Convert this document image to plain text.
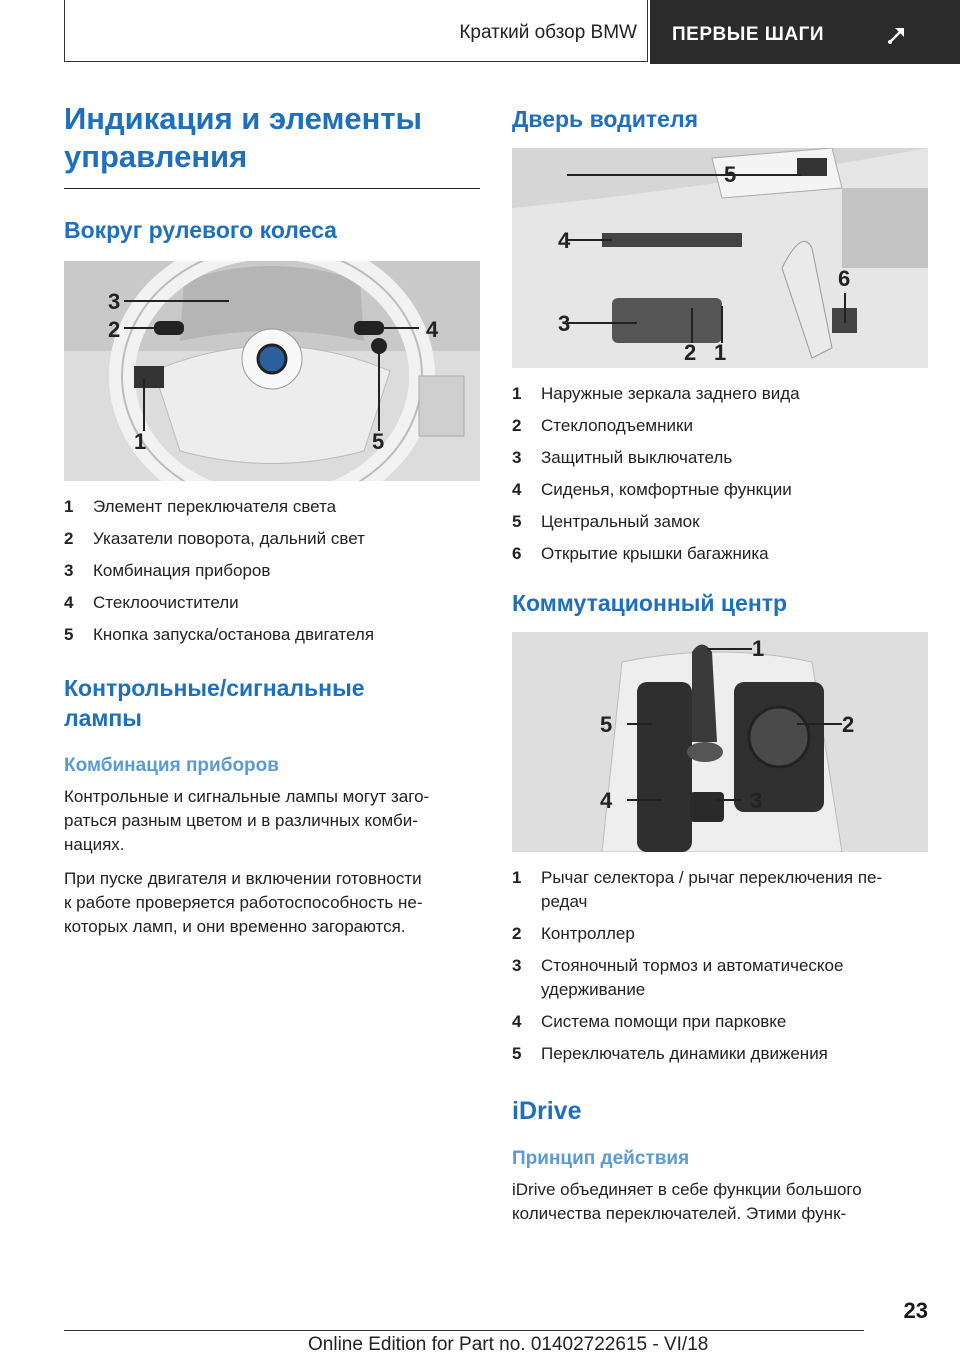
Краткий обзор BMW ПЕРВЫЕ ШАГИ
Индикация и элементы
управления
Вокруг рулевого колеса
3
2	4
1	5
1 Элемент переключателя света
2 Указатели поворота, дальний свет
3 Комбинация приборов
4 Стеклоочистители
5 Кнопка запуска/останова двигателя
Контрольные/сигнальные
лампы
Комбинация приборов

Контрольные и сигнальные лампы могут заго-
раться разным цветом и в различных комби-
нациях.

При пуске двигателя и включении готовности
к работе проверяется работоспособность не-
которых ламп, и они временно загораются.

Дверь водителя
5
4
6
3
2 1
1 Наружные зеркала заднего вида
2 Стеклоподъемники
3 Защитный выключатель
4 Сиденья, комфортные функции
5 Центральный замок
6 Открытие крышки багажника
Коммутационный центр
1
5	2
4	3
1 Рычаг селектора / рычаг переключения пе-
редач
2 Контроллер
3 Стояночный тормоз и автоматическое
удерживание
4 Система помощи при парковке
5 Переключатель динамики движения
iDrive
Принцип действия

iDrive объединяет в себе функции большого
количества переключателей. Этими функ-

23
Online Edition for Part no. 01402722615 - VI/18
